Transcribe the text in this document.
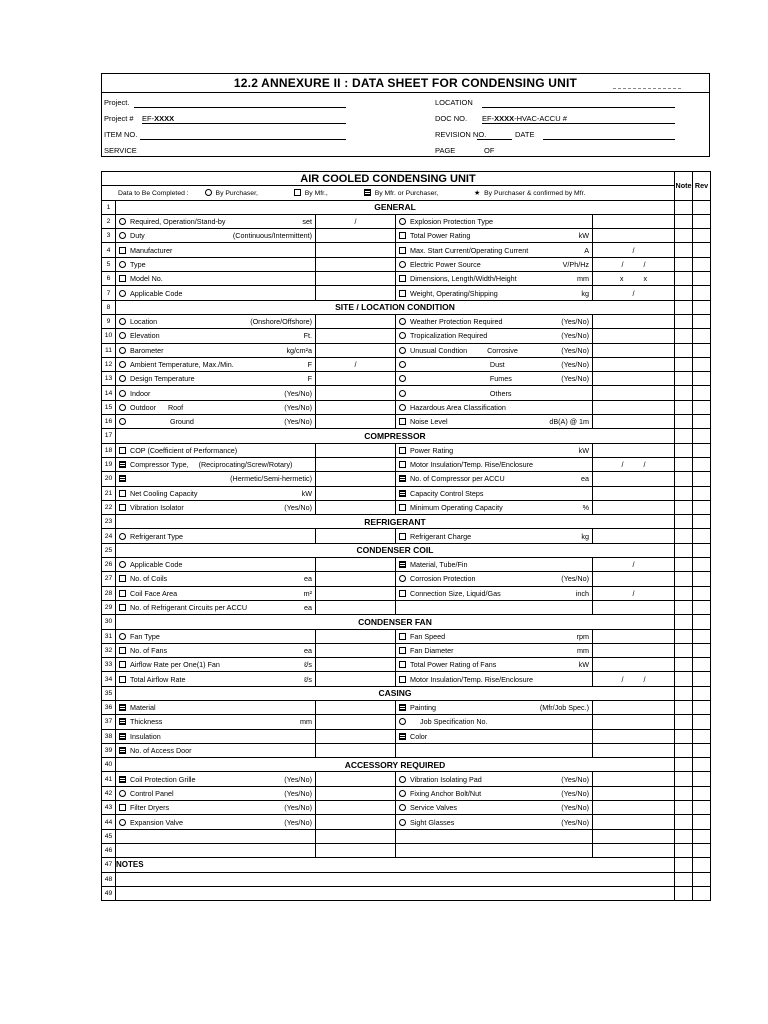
12.2 ANNEXURE II : DATA SHEET FOR CONDENSING UNIT
Project.
Project # EF-XXXX
ITEM NO.
SERVICE
LOCATION
DOC NO. EF-XXXX-HVAC-ACCU #
REVISION NO.	DATE
PAGE	OF
AIR COOLED CONDENSING UNIT					Note	Rev
Data to Be Completed : By Purchaser, By Mfr., By Mfr. or Purchaser, ★ By Purchaser & confirmed by Mfr.						
1	GENERAL					
2	Required, Operation/Stand-by set	/	Explosion Protection Type			

3	Duty (Continuous/Intermittent)		Total Power Rating kW			

4	Manufacturer		Max. Start Current/Operating Current A	/		

5	Type		Electric Power Source V/Ph/Hz	/          /		

6	Model No.		Dimensions, Length/Width/Height mm	x          x		

7	Applicable Code		Weight, Operating/Shipping kg	/		

8	SITE / LOCATION CONDITION					
9	Location (Onshore/Offshore)		Weather Protection Required (Yes/No)			

10	Elevation Ft.		Tropicalization Required (Yes/No)			

11	Barometer kg/cm²a		Unusual Condtion          Corrosive (Yes/No)			

12	Ambient Temperature, Max./Min. F	/	Dust (Yes/No)			

13	Design Temperature F		Fumes (Yes/No)			

14	Indoor (Yes/No)		Others			

15	Outdoor      Roof (Yes/No)		Hazardous Area Classification			

16	Ground (Yes/No)		Noise Level dB(A) @ 1m			

17	COMPRESSOR					
18	COP (Coefficient of Performance)		Power Rating kW			

19	Compressor Type,     (Reciprocating/Screw/Rotary)		Motor Insulation/Temp. Rise/Enclosure	/          /		

20	(Hermetic/Semi-hermetic)		No. of Compressor per ACCU ea			

21	Net Cooling Capacity kW		Capacity Control Steps			

22	Vibration Isolator (Yes/No)		Minimum Operating Capacity %			

23	REFRIGERANT					
24	Refrigerant Type		Refrigerant Charge kg			

25	CONDENSER COIL					
26	Applicable Code		Material, Tube/Fin	/		

27	No. of Coils ea		Corrosion Protection (Yes/No)			

28	Coil Face Area m²		Connection Size, Liquid/Gas inch	/		

29	No. of Refrigerant Circuits per ACCU ea					

30	CONDENSER FAN					
31	Fan Type		Fan Speed rpm			

32	No. of Fans ea		Fan Diameter mm			

33	Airflow Rate per One(1) Fan ℓ/s		Total Power Rating of Fans kW			

34	Total Airflow Rate ℓ/s		Motor Insulation/Temp. Rise/Enclosure	/          /		

35	CASING					
36	Material		Painting (Mfr/Job Spec.)			

37	Thickness mm		Job Specification No.			

38	Insulation		Color			

39	No. of Access Door					

40	ACCESSORY REQUIRED					
41	Coil Protection Grille (Yes/No)		Vibration Isolating Pad (Yes/No)			

42	Control Panel (Yes/No)		Fixing Anchor Bolt/Nut (Yes/No)			

43	Filter Dryers (Yes/No)		Service Valves (Yes/No)			

44	Expansion Valve (Yes/No)		Sight Glasses (Yes/No)			

45						
46						
47	NOTES					
48						
49						
